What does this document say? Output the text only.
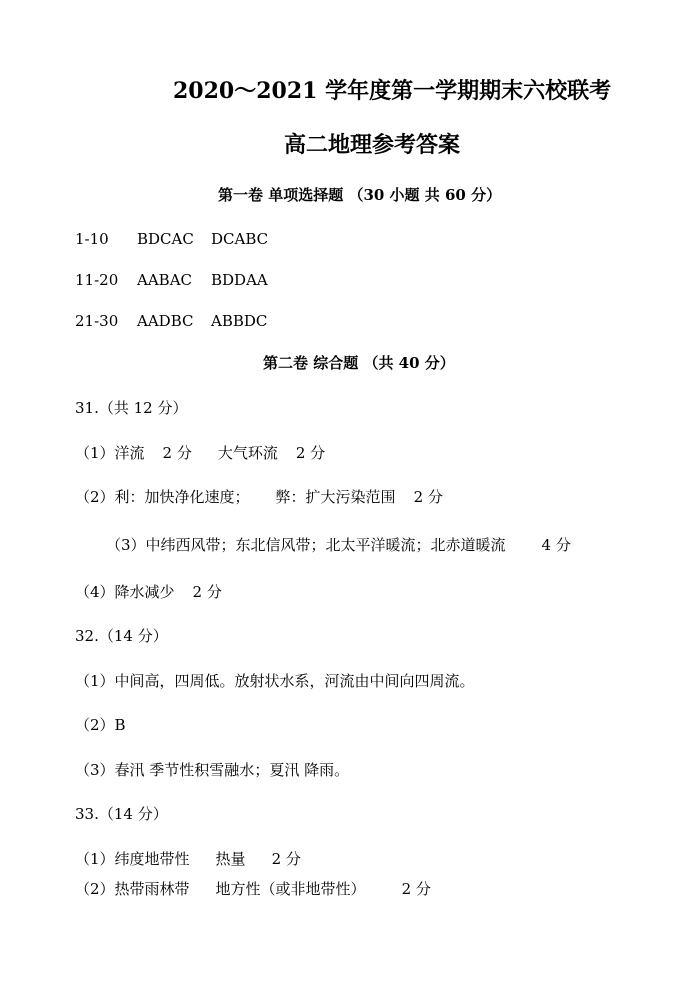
2020～2021 学年度第一学期期末六校联考
高二地理参考答案
第一卷 单项选择题 （30 小题 共 60 分）
1-10 BDCAC DCABC
11-20 AABAC BDDAA
21-30 AADBC ABBDC
第二卷 综合题 （共 40 分）
31.（共 12 分）
（1）洋流 2 分 大气环流 2 分
（2）利：加快净化速度； 弊：扩大污染范围 2 分
（3）中纬西风带；东北信风带；北太平洋暖流；北赤道暖流 4 分
（4）降水减少 2 分
32.（14 分）
（1）中间高，四周低。放射状水系，河流由中间向四周流。
（2）B
（3）春汛 季节性积雪融水；夏汛 降雨。
33.（14 分）
（1）纬度地带性 热量 2 分
（2）热带雨林带 地方性（或非地带性） 2 分
